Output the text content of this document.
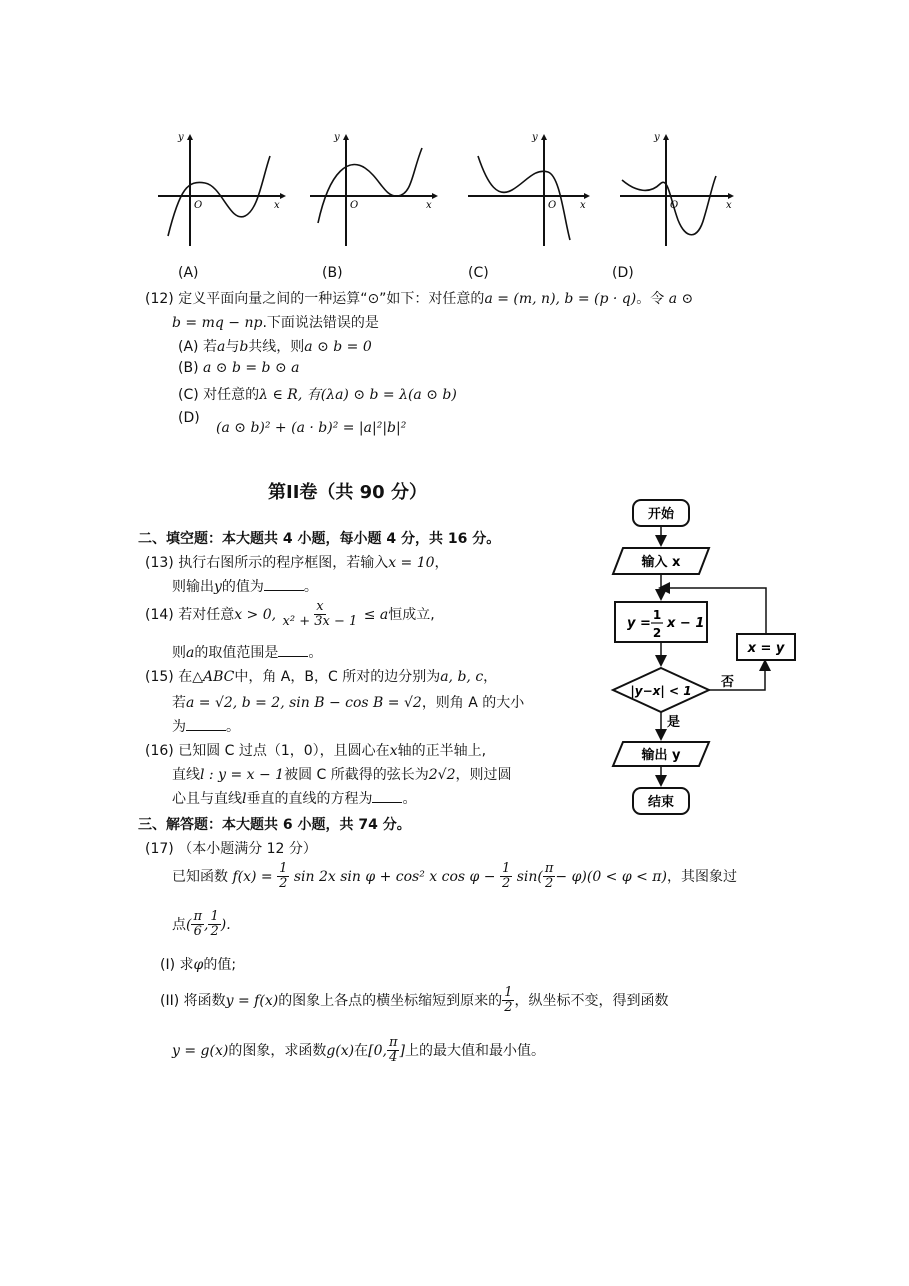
y
O	x
y
O	x
y
O x
y
O	x
(A)	(B)	(C)	(D)
(12) 定义平面向量之间的一种运算“⊙”如下：对任意的a = (m, n), b = (p · q)。令 a ⊙
b = mq − np.下面说法错误的是
(A) 若a与b共线，则a ⊙ b = 0
(B) a ⊙ b = b ⊙ a
(C) 对任意的λ ∈ R, 有(λa) ⊙ b = λ(a ⊙ b)
(D)
(a ⊙ b)² + (a · b)² = |a|²|b|²
第II卷（共 90 分）
二、填空题：本大题共 4 小题，每小题 4 分，共 16 分。
(13) 执行右图所示的程序框图，若输入x = 10，
则输出y的值为	。
(14) 若对任意x > 0, $\frac{x}{\text{x² + 3x − 1}} \le a$恒成立,
则a的取值范围是 。
(15) 在△ABC中，角 A，B，C 所对的边分别为a, b, c，
若a = √2, b = 2, sin B − cos B = √2，则角 A 的大小
为	。
(16) 已知圆 C 过点（1，0），且圆心在x轴的正半轴上,
直线l : y = x − 1被圆 C 所截得的弦长为2√2，则过圆
心且与直线l垂直的直线的方程为 。
三、解答题：本大题共 6 小题，共 74 分。
(17) （本小题满分 12 分）
已知函数 $f(x) = \frac{1}{2}$ sin 2x sin φ + cos² x $\cos \varphi - \frac{1}{2} \sin( \frac{\pi}{2} - \varphi)(0 < \varphi < \pi)$，其图象过
点( $\frac{\pi}{6}$ , $\frac{1}{2}$ ).
(I) 求φ的值;
(II) 将函数y = f(x)的图象上各点的横坐标缩短到原来的 $\frac{1}{2}$ ，纵坐标不变，得到函数
y = g(x)的图象，求函数g(x)在[0, $\frac{\pi}{4}$ ]上的最大值和最小值。
开始
输入 x
y =
1
2
x − 1
|y−x| < 1
否
x = y
是
输出 y
结束
